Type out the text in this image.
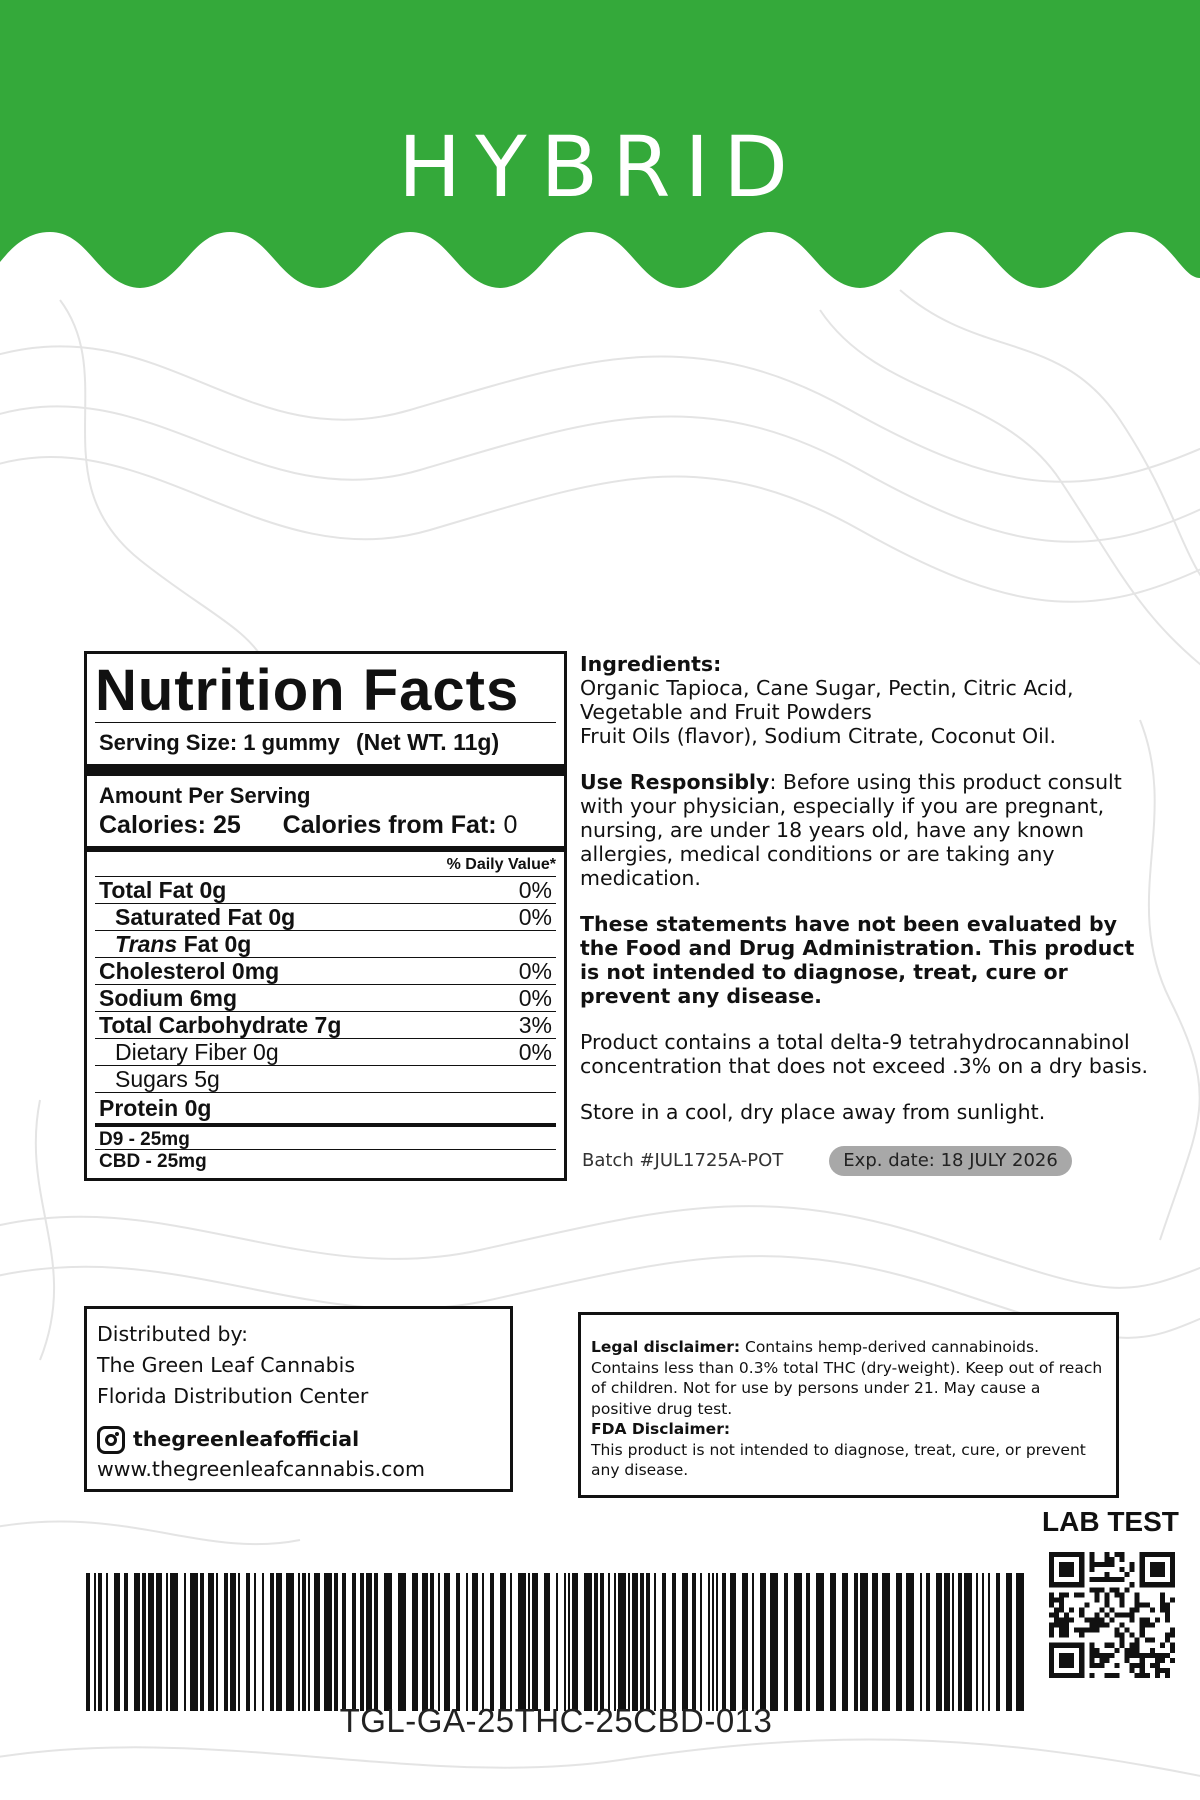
HYBRID
Nutrition Facts
Serving Size: 1 gummy (Net WT. 11g)
Amount Per Serving
Calories: 25 Calories from Fat: 0
% Daily Value*
Total Fat 0g	0%
Saturated Fat 0g	0%
Trans Fat 0g
Cholesterol 0mg	0%
Sodium 6mg	0%
Total Carbohydrate 7g	3%
Dietary Fiber 0g	0%
Sugars 5g
Protein 0g
D9 - 25mg
CBD - 25mg

Ingredients:
Organic Tapioca, Cane Sugar, Pectin, Citric Acid,
Vegetable and Fruit Powders
Fruit Oils (flavor), Sodium Citrate, Coconut Oil.

Use Responsibly: Before using this product consult with your physician, especially if you are pregnant, nursing, are under 18 years old, have any known allergies, medical conditions or are taking any medication.

These statements have not been evaluated by the Food and Drug Administration. This product is not intended to diagnose, treat, cure or prevent any disease.

Product contains a total delta-9 tetrahydrocannabinol concentration that does not exceed .3% on a dry basis.

Store in a cool, dry place away from sunlight.

Batch #JUL1725A-POT	Exp. date: 18 JULY 2026
Distributed by:
The Green Leaf Cannabis
Florida Distribution Center
thegreenleafofficial
www.thegreenleafcannabis.com
Legal disclaimer: Contains hemp-derived cannabinoids. Contains less than 0.3% total THC (dry-weight). Keep out of reach of children. Not for use by persons under 21. May cause a positive drug test.
FDA Disclaimer:
This product is not intended to diagnose, treat, cure, or prevent any disease.
LAB TEST
TGL-GA-25THC-25CBD-013
